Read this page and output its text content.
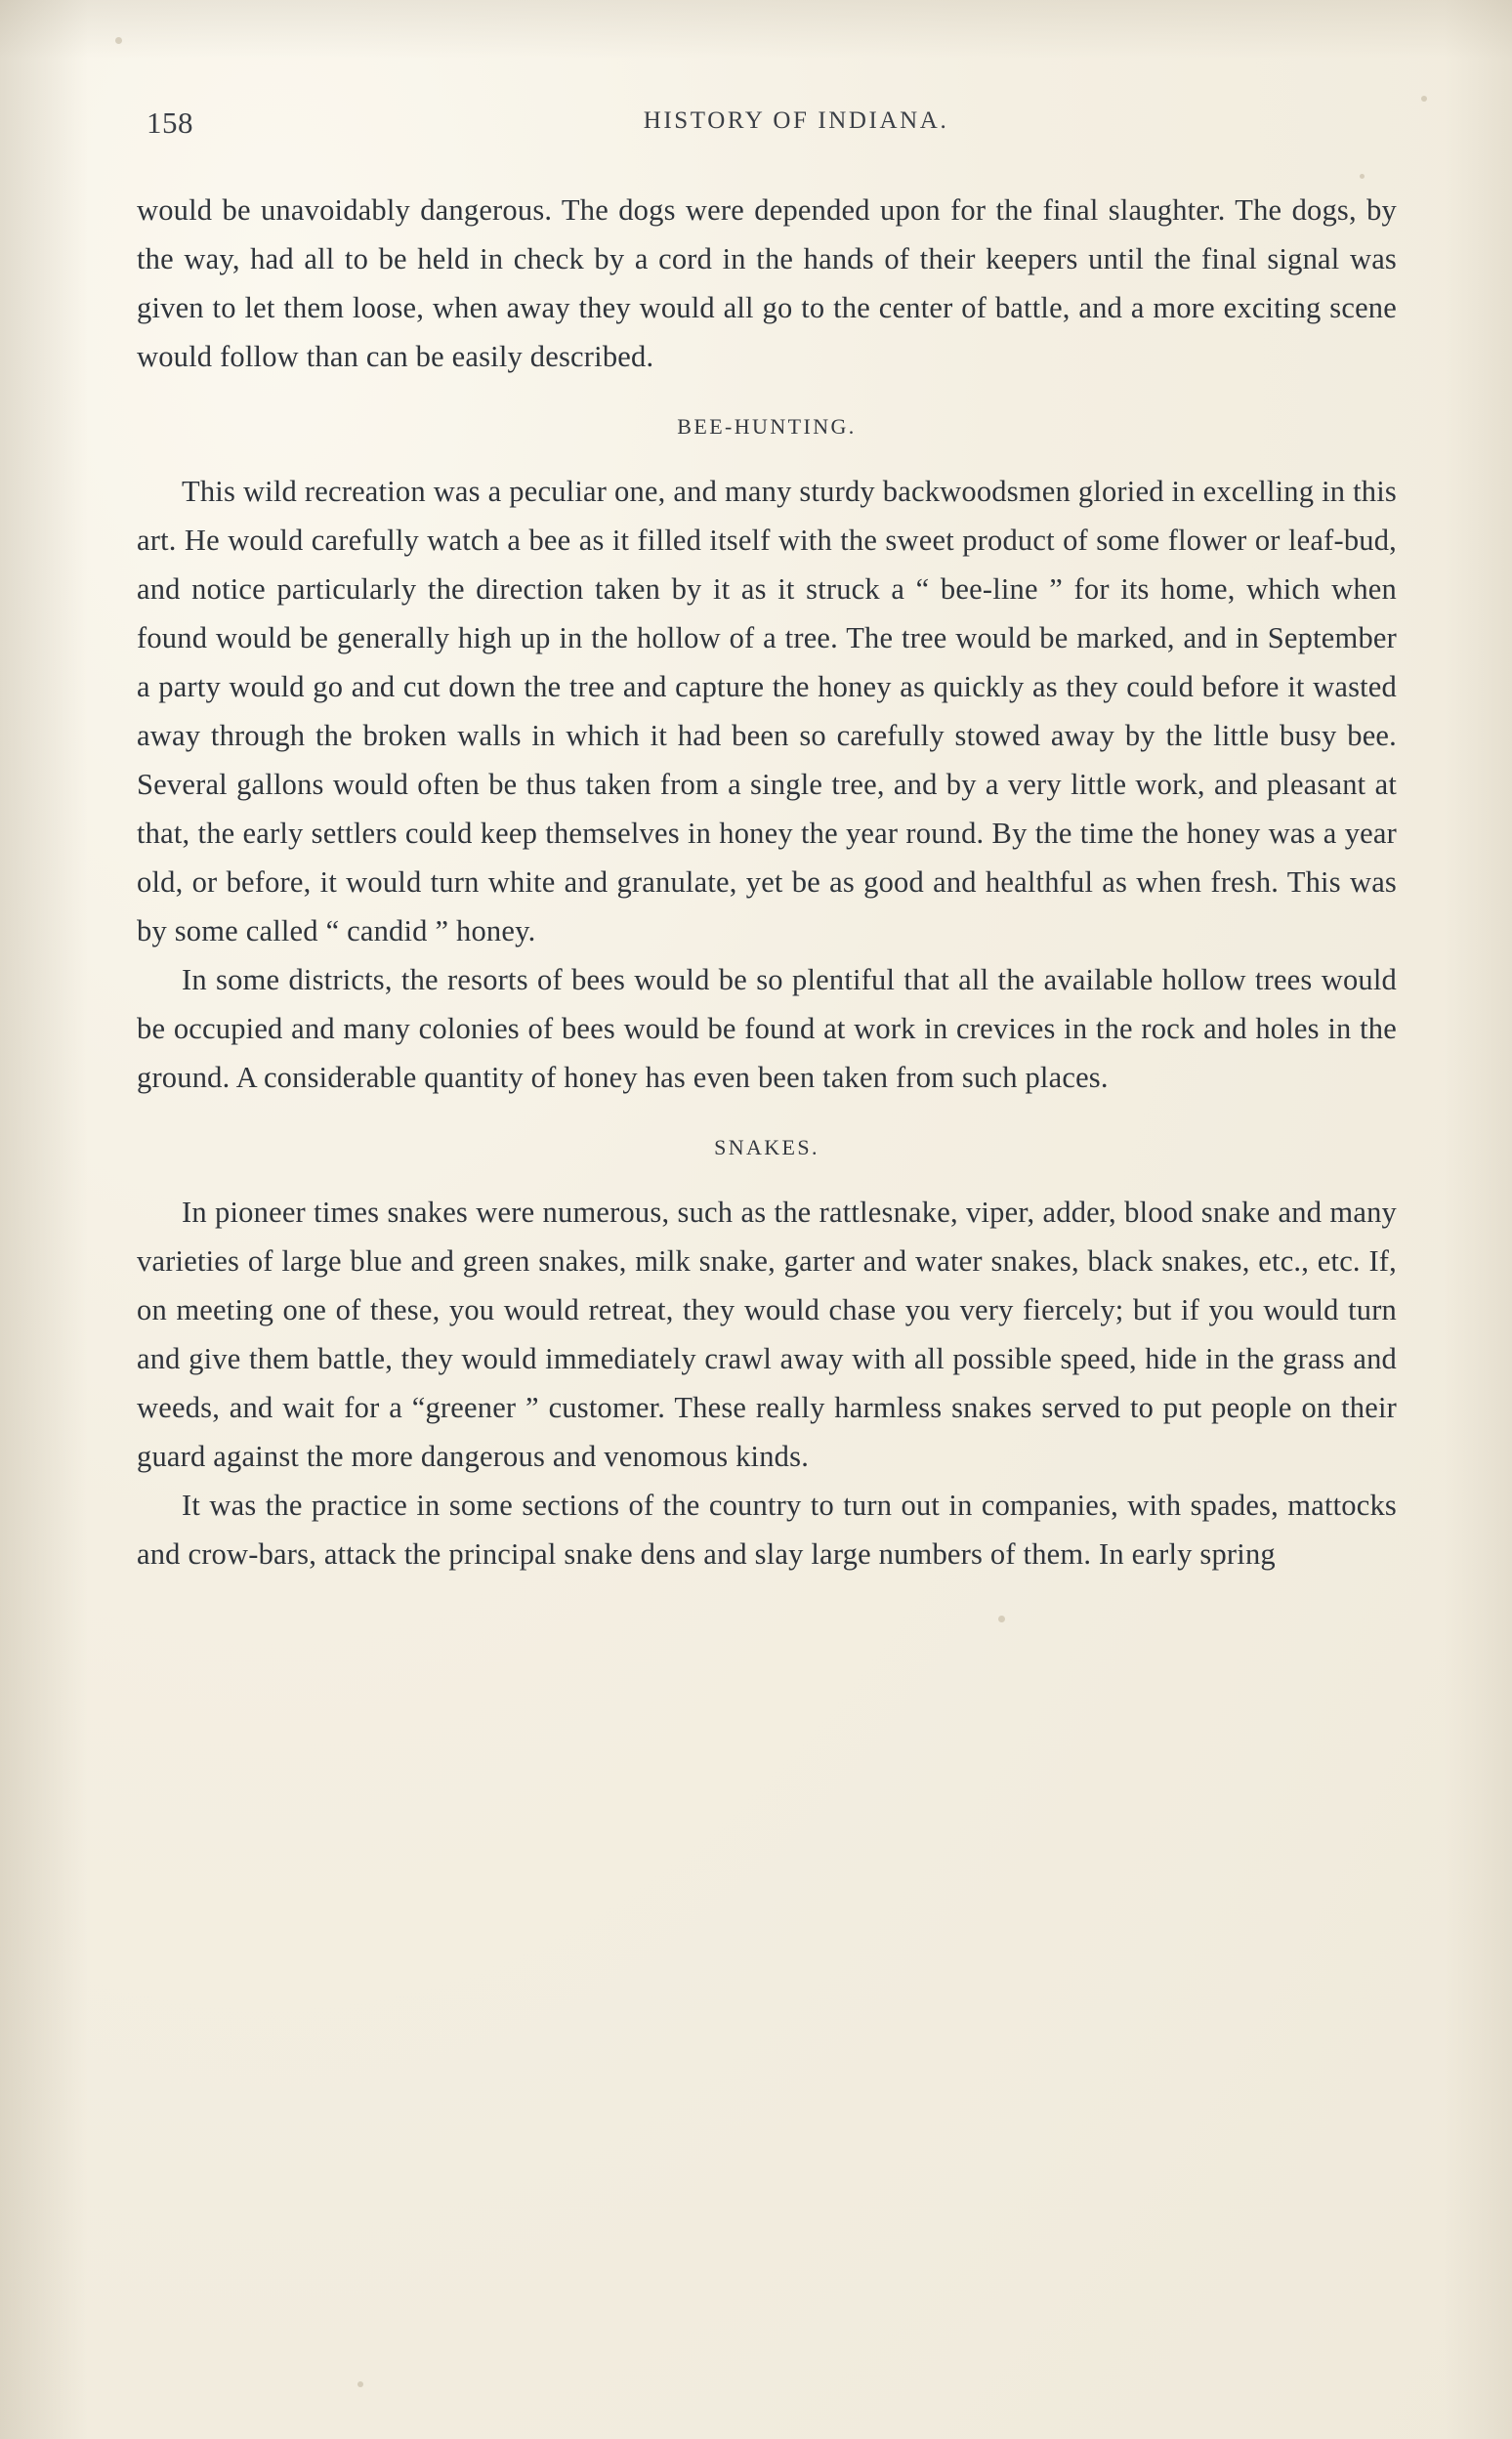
158	HISTORY OF INDIANA.

would be unavoidably dangerous. The dogs were depended upon for the final slaughter. The dogs, by the way, had all to be held in check by a cord in the hands of their keepers until the final signal was given to let them loose, when away they would all go to the center of battle, and a more exciting scene would follow than can be easily described.

BEE-HUNTING.

This wild recreation was a peculiar one, and many sturdy backwoodsmen gloried in excelling in this art. He would carefully watch a bee as it filled itself with the sweet product of some flower or leaf-bud, and notice particularly the direction taken by it as it struck a “ bee-line ” for its home, which when found would be generally high up in the hollow of a tree. The tree would be marked, and in September a party would go and cut down the tree and capture the honey as quickly as they could before it wasted away through the broken walls in which it had been so carefully stowed away by the little busy bee. Several gallons would often be thus taken from a single tree, and by a very little work, and pleasant at that, the early settlers could keep themselves in honey the year round. By the time the honey was a year old, or before, it would turn white and granulate, yet be as good and healthful as when fresh. This was by some called “ candid ” honey.

In some districts, the resorts of bees would be so plentiful that all the available hollow trees would be occupied and many colonies of bees would be found at work in crevices in the rock and holes in the ground. A considerable quantity of honey has even been taken from such places.

SNAKES.

In pioneer times snakes were numerous, such as the rattlesnake, viper, adder, blood snake and many varieties of large blue and green snakes, milk snake, garter and water snakes, black snakes, etc., etc. If, on meeting one of these, you would retreat, they would chase you very fiercely; but if you would turn and give them battle, they would immediately crawl away with all possible speed, hide in the grass and weeds, and wait for a “greener ” customer. These really harmless snakes served to put people on their guard against the more dangerous and venomous kinds.

It was the practice in some sections of the country to turn out in companies, with spades, mattocks and crow-bars, attack the principal snake dens and slay large numbers of them. In early spring
